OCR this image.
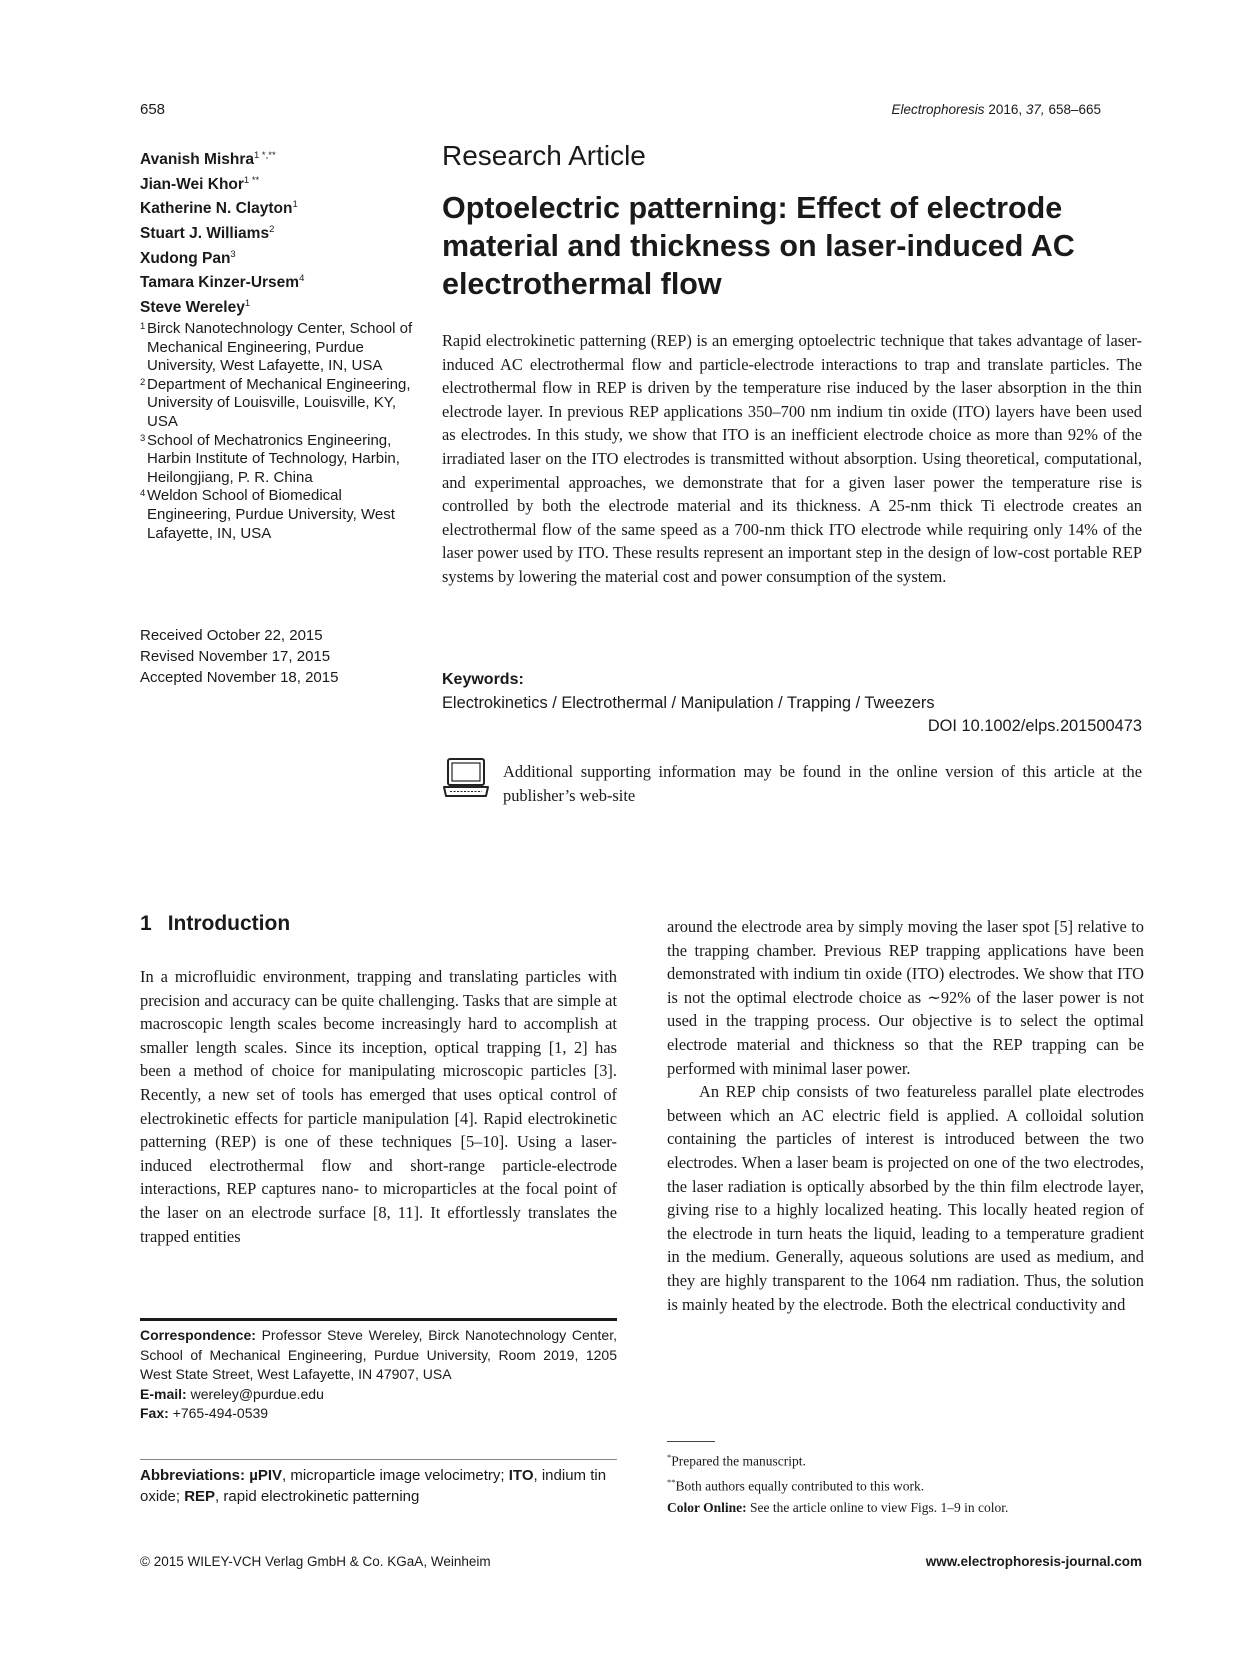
658	Electrophoresis 2016, 37, 658–665
Avanish Mishra$^{1 *,**}$
Jian-Wei Khor$^{1 **}$
Katherine N. Clayton$^1$
Stuart J. Williams$^2$
Xudong Pan$^3$
Tamara Kinzer-Ursem$^4$
Steve Wereley$^1$
1 Birck Nanotechnology Center, School of Mechanical Engineering, Purdue University, West Lafayette, IN, USA
2 Department of Mechanical Engineering, University of Louisville, Louisville, KY, USA
3 School of Mechatronics Engineering, Harbin Institute of Technology, Harbin, Heilongjiang, P. R. China
4 Weldon School of Biomedical Engineering, Purdue University, West Lafayette, IN, USA
Received October 22, 2015
Revised November 17, 2015
Accepted November 18, 2015
Research Article
Optoelectric patterning: Effect of electrode material and thickness on laser-induced AC electrothermal flow
Rapid electrokinetic patterning (REP) is an emerging optoelectric technique that takes advantage of laser-induced AC electrothermal flow and particle-electrode interactions to trap and translate particles. The electrothermal flow in REP is driven by the temperature rise induced by the laser absorption in the thin electrode layer. In previous REP applications 350–700 nm indium tin oxide (ITO) layers have been used as electrodes. In this study, we show that ITO is an inefficient electrode choice as more than 92% of the irradiated laser on the ITO electrodes is transmitted without absorption. Using theoretical, computational, and experimental approaches, we demonstrate that for a given laser power the temperature rise is controlled by both the electrode material and its thickness. A 25-nm thick Ti electrode creates an electrothermal flow of the same speed as a 700-nm thick ITO electrode while requiring only 14% of the laser power used by ITO. These results represent an important step in the design of low-cost portable REP systems by lowering the material cost and power consumption of the system.
Keywords:
Electrokinetics / Electrothermal / Manipulation / Trapping / Tweezers
DOI 10.1002/elps.201500473
Additional supporting information may be found in the online version of this article at the publisher’s web-site
1 Introduction

In a microfluidic environment, trapping and translating particles with precision and accuracy can be quite challenging. Tasks that are simple at macroscopic length scales become increasingly hard to accomplish at smaller length scales. Since its inception, optical trapping [1, 2] has been a method of choice for manipulating microscopic particles [3]. Recently, a new set of tools has emerged that uses optical control of electrokinetic effects for particle manipulation [4]. Rapid electrokinetic patterning (REP) is one of these techniques [5–10]. Using a laser-induced electrothermal flow and short-range particle-electrode interactions, REP captures nano- to microparticles at the focal point of the laser on an electrode surface [8, 11]. It effortlessly translates the trapped entities

around the electrode area by simply moving the laser spot [5] relative to the trapping chamber. Previous REP trapping applications have been demonstrated with indium tin oxide (ITO) electrodes. We show that ITO is not the optimal electrode choice as ∼92% of the laser power is not used in the trapping process. Our objective is to select the optimal electrode material and thickness so that the REP trapping can be performed with minimal laser power.

An REP chip consists of two featureless parallel plate electrodes between which an AC electric field is applied. A colloidal solution containing the particles of interest is introduced between the two electrodes. When a laser beam is projected on one of the two electrodes, the laser radiation is optically absorbed by the thin film electrode layer, giving rise to a highly localized heating. This locally heated region of the electrode in turn heats the liquid, leading to a temperature gradient in the medium. Generally, aqueous solutions are used as medium, and they are highly transparent to the 1064 nm radiation. Thus, the solution is mainly heated by the electrode. Both the electrical conductivity and

Correspondence: Professor Steve Wereley, Birck Nanotechnology Center, School of Mechanical Engineering, Purdue University, Room 2019, 1205 West State Street, West Lafayette, IN 47907, USA
E-mail: wereley@purdue.edu
Fax: +765-494-0539
Abbreviations: µPIV, microparticle image velocimetry; ITO, indium tin oxide; REP, rapid electrokinetic patterning
*Prepared the manuscript.
**Both authors equally contributed to this work.
Color Online: See the article online to view Figs. 1–9 in color.
© 2015 WILEY-VCH Verlag GmbH & Co. KGaA, Weinheim	www.electrophoresis-journal.com
